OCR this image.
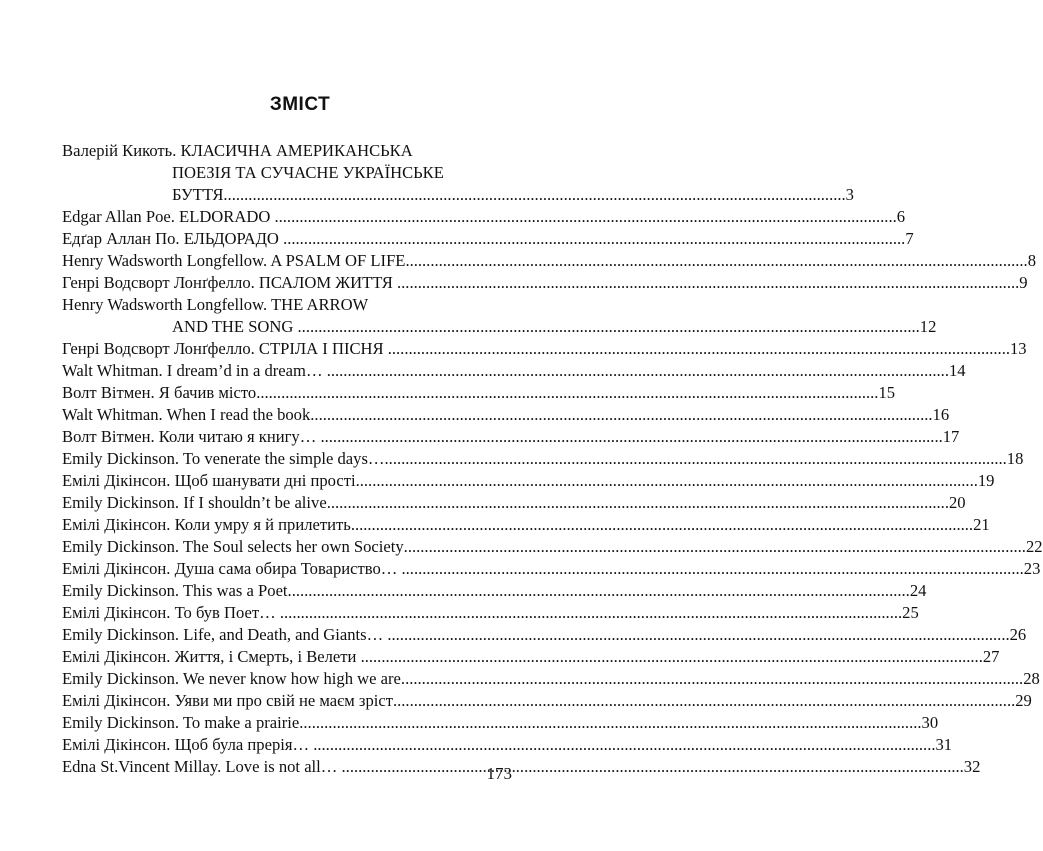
ЗМІСТ
Валерій Кикоть. КЛАСИЧНА АМЕРИКАНСЬКА
ПОЕЗІЯ ТА СУЧАСНЕ УКРАЇНСЬКЕ
БУТТЯ .....	3
Edgar Allan Poe. ELDORADO .....	6
Едґар Аллан По. ЕЛЬДОРАДО .....	7
Henry Wadsworth Longfellow. A PSALM OF LIFE .....	8
Генрі Водсворт Лонґфелло. ПСАЛОМ ЖИТТЯ .....	9
Henry Wadsworth Longfellow. THE ARROW
AND THE SONG .....	12
Генрі Водсворт Лонґфелло. СТРІЛА І ПІСНЯ .....	13
Walt Whitman. I dream’d in a dream… .....	14
Волт Вітмен. Я бачив місто .....	15
Walt Whitman. When I read the book .....	16
Волт Вітмен. Коли читаю я книгу… .....	17
Emily Dickinson. To venerate the simple days… .....	18
Емілі Дікінсон. Щоб шанувати дні прості .....	19
Emily Dickinson. If I shouldn’t be alive .....	20
Емілі Дікінсон. Коли умру я й прилетить .....	21
Emily Dickinson. The Soul selects her own Society .....	22
Емілі Дікінсон. Душа сама обира Товариство… .....	23
Emily Dickinson. This was a Poet .....	24
Емілі Дікінсон. То був Поет… .....	25
Emily Dickinson. Life, and Death, and Giants… .....	26
Емілі Дікінсон. Життя, і Смерть, і Велети .....	27
Emily Dickinson. We never know how high we are .....	28
Емілі Дікінсон. Уяви ми про свій не маєм зріст .....	29
Emily Dickinson. To make a prairie .....	30
Емілі Дікінсон. Щоб була прерія… .....	31
Edna St.Vincent Millay. Love is not all… .....	32
173
